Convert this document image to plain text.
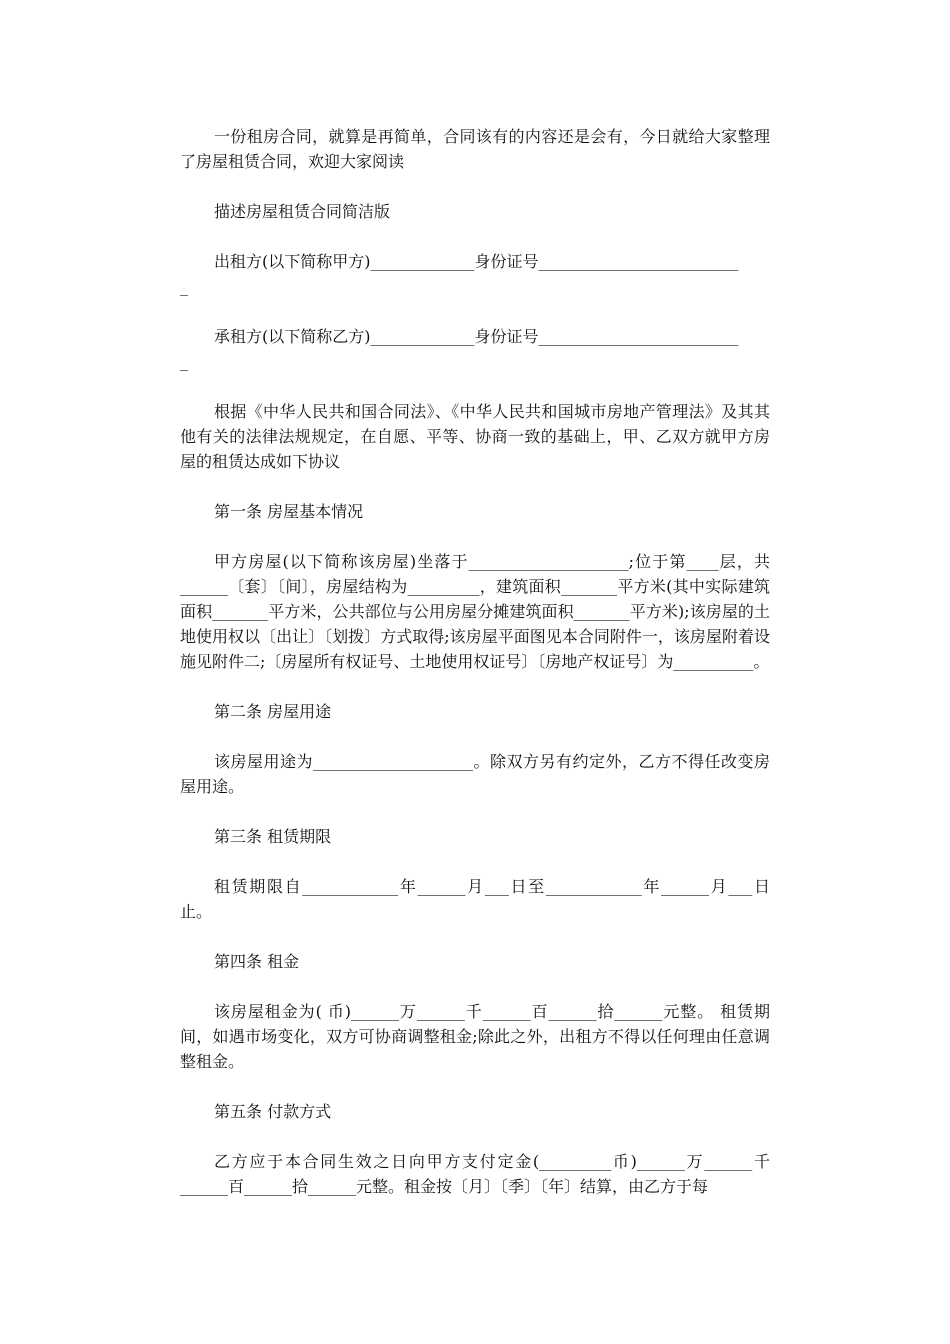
一份租房合同，就算是再简单，合同该有的内容还是会有，今日就给大家整理了房屋租赁合同，欢迎大家阅读

描述房屋租赁合同简洁版

出租方(以下简称甲方)_____________身份证号_________________________

_

承租方(以下简称乙方)_____________身份证号_________________________

_

根据《中华人民共和国合同法》、《中华人民共和国城市房地产管理法》及其其他有关的法律法规规定，在自愿、平等、协商一致的基础上，甲、乙双方就甲方房屋的租赁达成如下协议

第一条 房屋基本情况

甲方房屋(以下简称该房屋)坐落于____________________;位于第____层，共______〔套〕〔间〕，房屋结构为_________，建筑面积_______平方米(其中实际建筑面积_______平方米，公共部位与公用房屋分摊建筑面积_______平方米);该房屋的土地使用权以〔出让〕〔划拨〕方式取得;该房屋平面图见本合同附件一，该房屋附着设施见附件二;〔房屋所有权证号、土地使用权证号〕〔房地产权证号〕为__________。

第二条 房屋用途

该房屋用途为____________________。除双方另有约定外，乙方不得任改变房屋用途。

第三条 租赁期限

租赁期限自____________年______月___日至____________年______月___日止。

第四条 租金

该房屋租金为( 币)______万______千______百______拾______元整。 租赁期间，如遇市场变化，双方可协商调整租金;除此之外，出租方不得以任何理由任意调整租金。

第五条 付款方式

乙方应于本合同生效之日向甲方支付定金(_________币)______万______千______百______拾______元整。租金按〔月〕〔季〕〔年〕结算，由乙方于每
